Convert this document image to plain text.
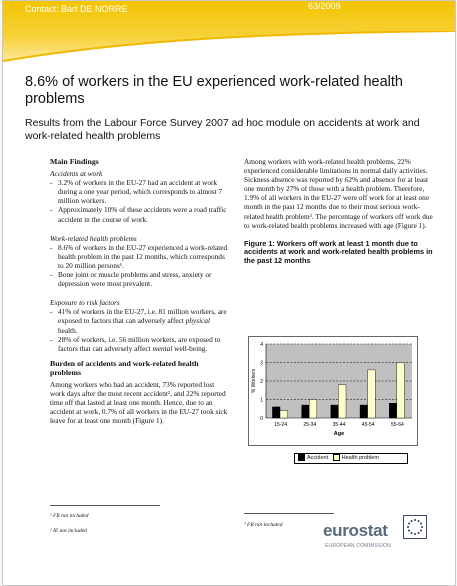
Contact: Bart DE NORRE	63/2009
8.6% of workers in the EU experienced work-related health problems
Results from the Labour Force Survey 2007 ad hoc module on accidents at work and work-related health problems

Main Findings

Accidents at work

- 3.2% of workers in the EU-27 had an accident at work during a one year period, which corresponds to almost 7 million workers.
- Approximately 10% of these accidents were a road traffic accident in the course of work.

Work-related health problems

- 8.6% of workers in the EU-27 experienced a work-related health problem in the past 12 months, which corresponds to 20 million persons¹.
- Bone joint or muscle problems and stress, anxiety or depression were most prevalent.

Exposure to risk factors

- 41% of workers in the EU-27, i.e. 81 million workers, are exposed to factors that can adversely affect physical health.
- 28% of workers, i.e. 56 million workers, are exposed to factors that can adversely affect mental well-being.

Burden of accidents and work-related health problems

Among workers who had an accident, 73% reported lost work days after the most recent accident², and 22% reported time off that lasted at least one month. Hence, due to an accident at work, 0.7% of all workers in the EU-27 took sick leave for at least one month (Figure 1).

Among workers with work-related health problems, 22% experienced considerable limitations in normal daily activities. Sickness absence was reported by 62% and absence for at least one month by 27% of those with a health problem. Therefore, 1.9% of all workers in the EU-27 were off work for at least one month in the past 12 months due to their most serious work-related health problem³. The percentage of workers off work due to work-related health problems increased with age (Figure 1).

Figure 1: Workers off work at least 1 month due to accidents at work and work-related health problems in the past 12 months

0
1
2
3
4
15-24	25-34	35-44	45-54	55-64
Age
% Workers
Accident Health problem
¹ FR not included
² IE not included
³ FR not included eurostat
EUROPEAN COMMISSION
